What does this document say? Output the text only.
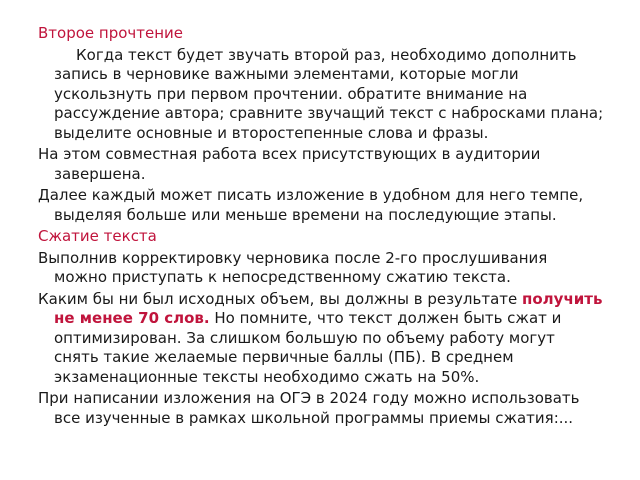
Второе прочтение

Когда текст будет звучать второй раз, необходимо дополнить запись в черновике важными элементами, которые могли ускользнуть при первом прочтении. обратите внимание на рассуждение автора; сравните звучащий текст с набросками плана; выделите основные и второстепенные слова и фразы.

На этом совместная работа всех присутствующих в аудитории завершена.

Далее каждый может писать изложение в удобном для него темпе, выделяя больше или меньше времени на последующие этапы.

Сжатие текста

Выполнив корректировку черновика после 2-го прослушивания можно приступать к непосредственному сжатию текста.

Каким бы ни был исходных объем, вы должны в результате получить не менее 70 слов. Но помните, что текст должен быть сжат и оптимизирован. За слишком большую по объему работу могут снять такие желаемые первичные баллы (ПБ). В среднем экзаменационные тексты необходимо сжать на 50%.

При написании изложения на ОГЭ в 2024 году можно использовать все изученные в рамках школьной программы приемы сжатия:...
